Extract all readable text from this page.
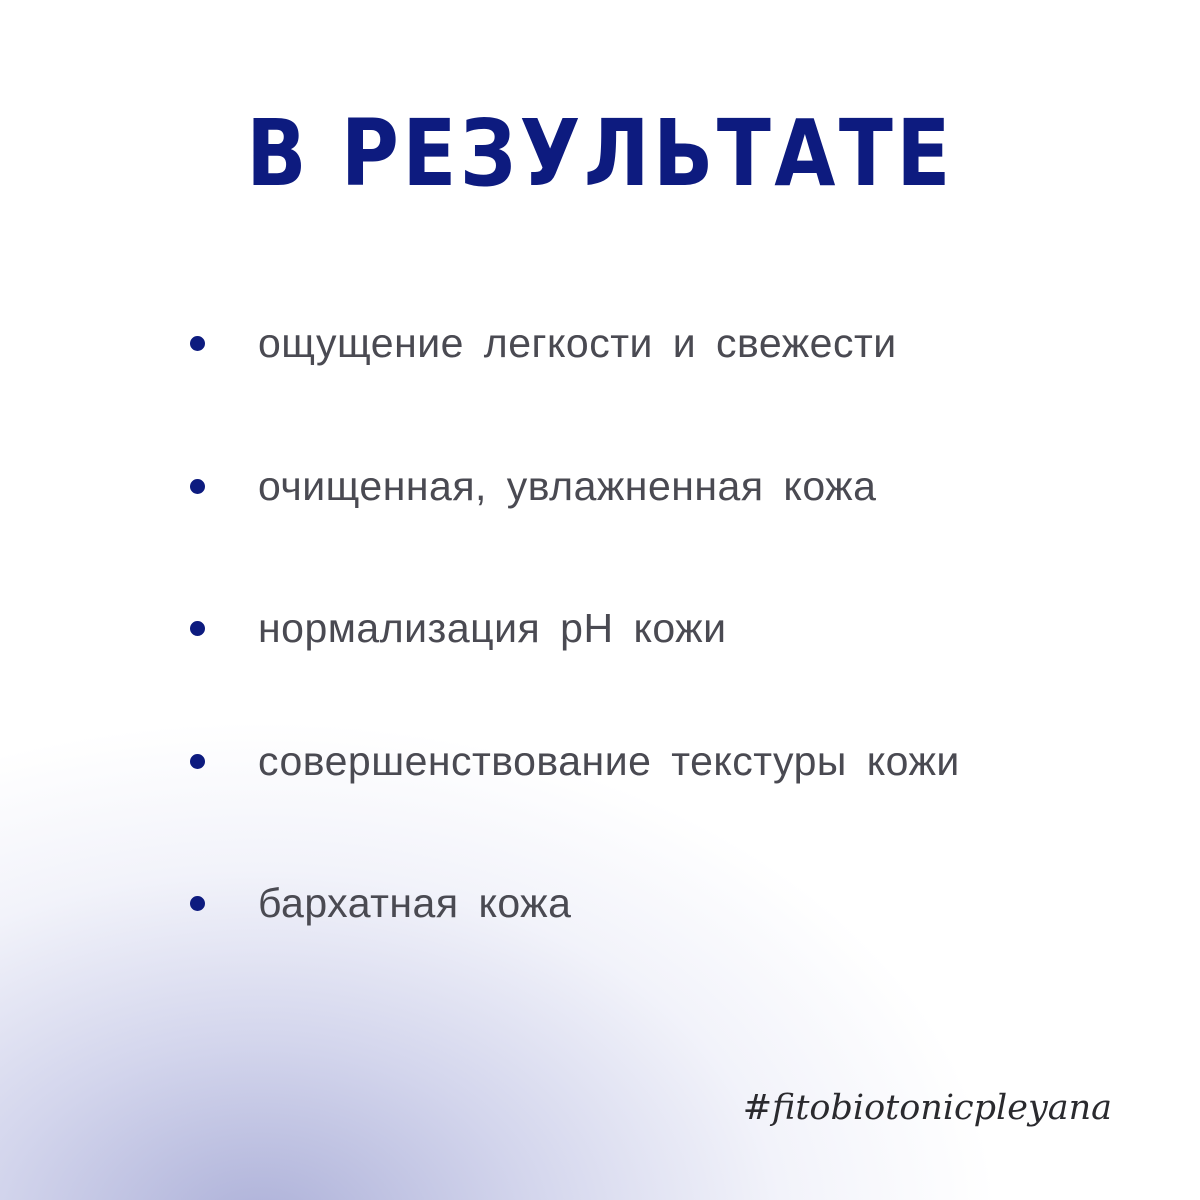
В РЕЗУЛЬТАТЕ
ощущение легкости и свежести
очищенная, увлажненная кожа
нормализация pH кожи
совершенствование текстуры кожи
бархатная кожа
#fitobiotonicpleyana
